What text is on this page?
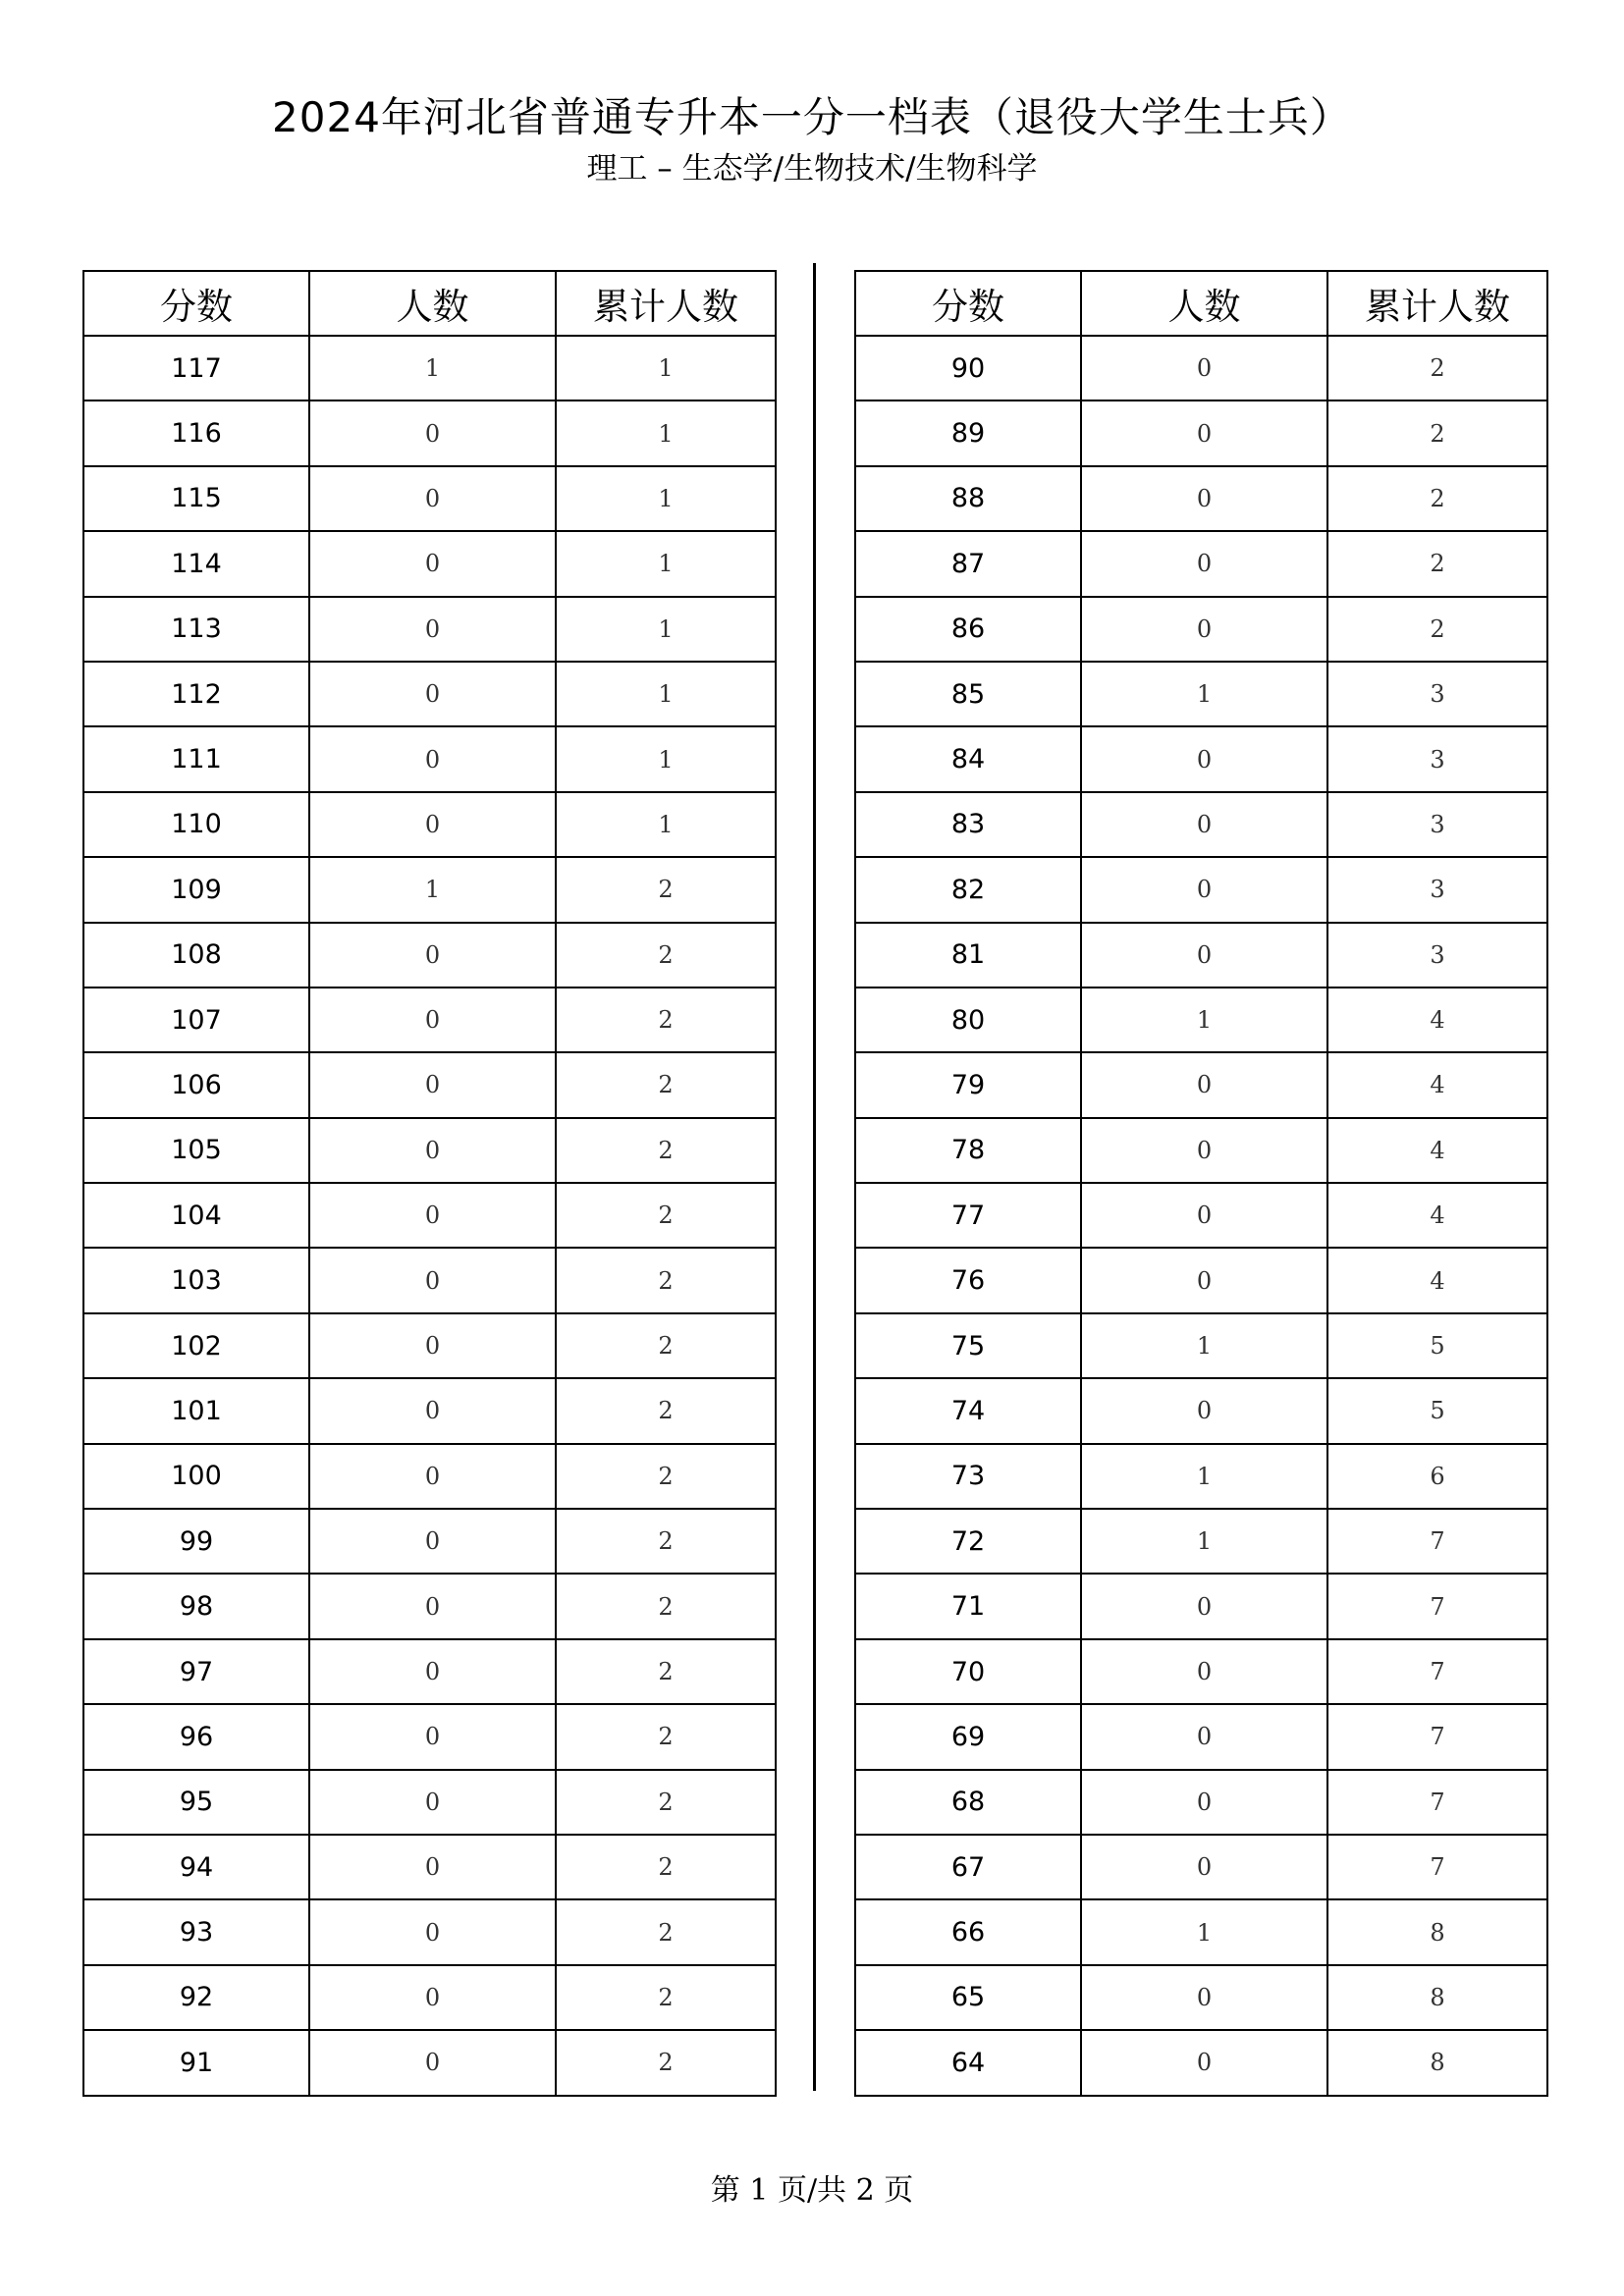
2024年河北省普通专升本一分一档表（退役大学生士兵）
理工 – 生态学/生物技术/生物科学
分数	人数	累计人数
117	1	1
116	0	1
115	0	1
114	0	1
113	0	1
112	0	1
111	0	1
110	0	1
109	1	2
108	0	2
107	0	2
106	0	2
105	0	2
104	0	2
103	0	2
102	0	2
101	0	2
100	0	2
99	0	2
98	0	2
97	0	2
96	0	2
95	0	2
94	0	2
93	0	2
92	0	2
91	0	2
分数	人数	累计人数
90	0	2
89	0	2
88	0	2
87	0	2
86	0	2
85	1	3
84	0	3
83	0	3
82	0	3
81	0	3
80	1	4
79	0	4
78	0	4
77	0	4
76	0	4
75	1	5
74	0	5
73	1	6
72	1	7
71	0	7
70	0	7
69	0	7
68	0	7
67	0	7
66	1	8
65	0	8
64	0	8
第 1 页/共 2 页
